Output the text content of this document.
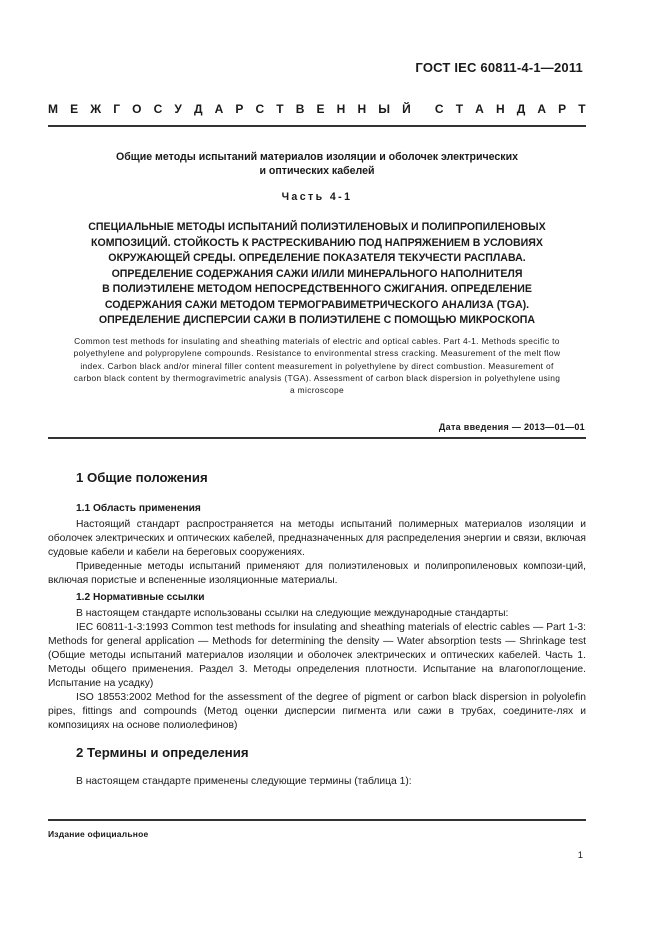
ГОСТ IEC 60811-4-1—2011
М Е Ж Г О С У Д А Р С Т В Е Н Н Ы Й С Т А Н Д А Р Т
Общие методы испытаний материалов изоляции и оболочек электрических
и оптических кабелей
Часть 4-1
СПЕЦИАЛЬНЫЕ МЕТОДЫ ИСПЫТАНИЙ ПОЛИЭТИЛЕНОВЫХ И ПОЛИПРОПИЛЕНОВЫХ
КОМПОЗИЦИЙ. СТОЙКОСТЬ К РАСТРЕСКИВАНИЮ ПОД НАПРЯЖЕНИЕМ В УСЛОВИЯХ
ОКРУЖАЮЩЕЙ СРЕДЫ. ОПРЕДЕЛЕНИЕ ПОКАЗАТЕЛЯ ТЕКУЧЕСТИ РАСПЛАВА.
ОПРЕДЕЛЕНИЕ СОДЕРЖАНИЯ САЖИ И/ИЛИ МИНЕРАЛЬНОГО НАПОЛНИТЕЛЯ
В ПОЛИЭТИЛЕНЕ МЕТОДОМ НЕПОСРЕДСТВЕННОГО СЖИГАНИЯ. ОПРЕДЕЛЕНИЕ
СОДЕРЖАНИЯ САЖИ МЕТОДОМ ТЕРМОГРАВИМЕТРИЧЕСКОГО АНАЛИЗА (TGA).
ОПРЕДЕЛЕНИЕ ДИСПЕРСИИ САЖИ В ПОЛИЭТИЛЕНЕ С ПОМОЩЬЮ МИКРОСКОПА
Common test methods for insulating and sheathing materials of electric and optical cables. Part 4-1. Methods specific to
polyethylene and polypropylene compounds. Resistance to environmental stress cracking. Measurement of the melt flow
index. Carbon black and/or mineral filler content measurement in polyethylene by direct combustion. Measurement of
carbon black content by thermogravimetric analysis (TGA). Assessment of carbon black dispersion in polyethylene using
a microscope
Дата введения — 2013—01—01
1 Общие положения
1.1 Область применения

Настоящий стандарт распространяется на методы испытаний полимерных материалов изоляции и оболочек электрических и оптических кабелей, предназначенных для распределения энергии и связи, включая судовые кабели и кабели на береговых сооружениях.

Приведенные методы испытаний применяют для полиэтиленовых и полипропиленовых компози-ций, включая пористые и вспененные изоляционные материалы.

1.2 Нормативные ссылки

В настоящем стандарте использованы ссылки на следующие международные стандарты:

IEC 60811-1-3:1993 Common test methods for insulating and sheathing materials of electric cables — Part 1-3: Methods for general application — Methods for determining the density — Water absorption tests — Shrinkage test (Общие методы испытаний материалов изоляции и оболочек электрических и оптических кабелей. Часть 1. Методы общего применения. Раздел 3. Методы определения плотности. Испытание на влагопоглощение. Испытание на усадку)

ISO 18553:2002 Method for the assessment of the degree of pigment or carbon black dispersion in polyolefin pipes, fittings and compounds (Метод оценки дисперсии пигмента или сажи в трубах, соедините-лях и композициях на основе полиолефинов)

2 Термины и определения

В настоящем стандарте применены следующие термины (таблица 1):

Издание официальное
1
